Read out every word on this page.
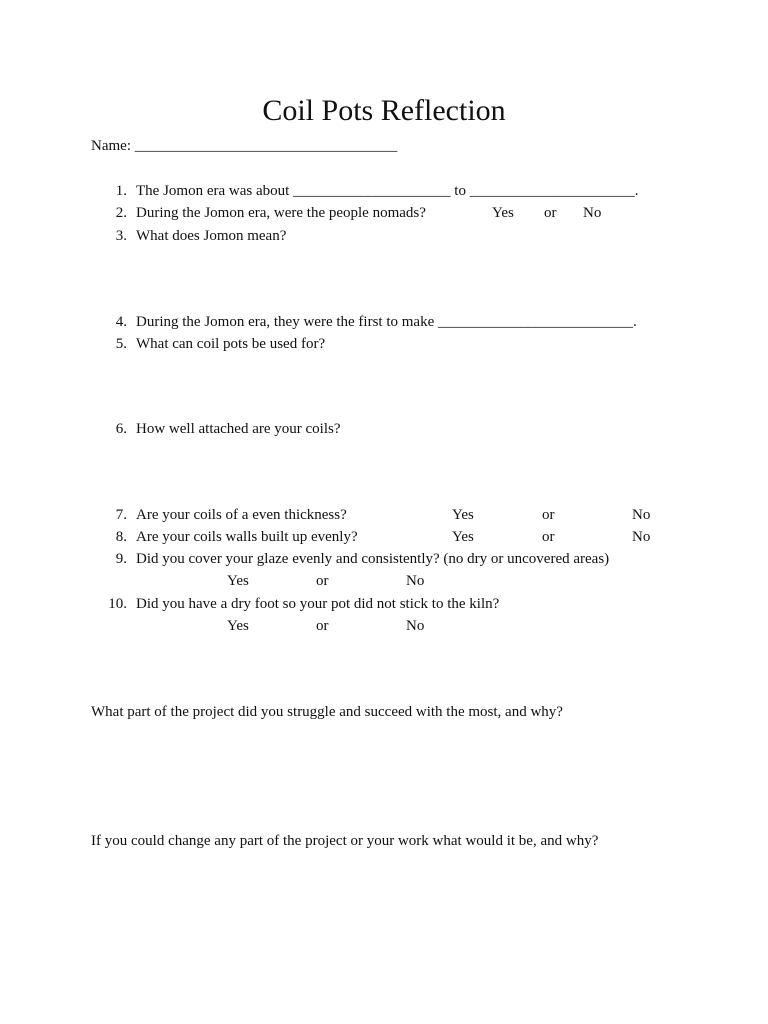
Coil Pots Reflection
Name: ___________________________________
1. The Jomon era was about _____________________ to ______________________.
2. During the Jomon era, were the people nomads?	Yes or No
3. What does Jomon mean?
4. During the Jomon era, they were the first to make __________________________.
5. What can coil pots be used for?
6. How well attached are your coils?
7. Are your coils of a even thickness?	Yes	or	No
8. Are your coils walls built up evenly?	Yes	or	No
9. Did you cover your glaze evenly and consistently? (no dry or uncovered areas)
Yes	or	No
10. Did you have a dry foot so your pot did not stick to the kiln?
Yes	or	No
What part of the project did you struggle and succeed with the most, and why?
If you could change any part of the project or your work what would it be, and why?
